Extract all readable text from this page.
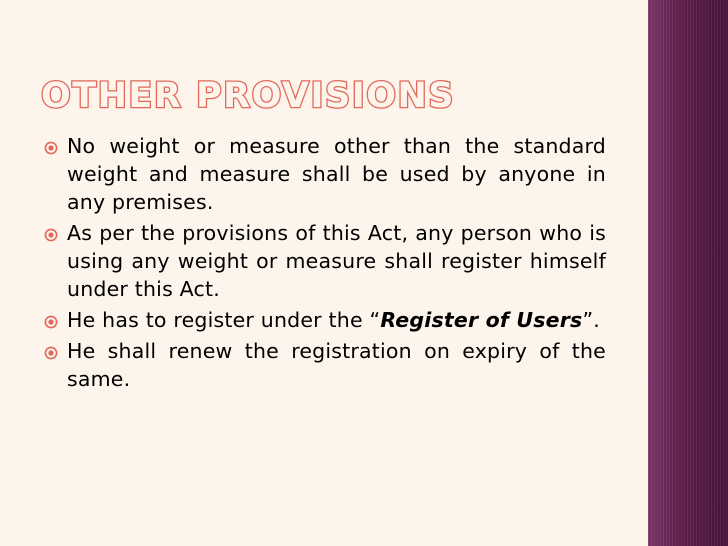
OTHER PROVISIONS
No weight or measure other than the standard weight and measure shall be used by anyone in any premises.
As per the provisions of this Act, any person who is using any weight or measure shall register himself under this Act.
He has to register under the “Register of Users”.
He shall renew the registration on expiry of the same.
